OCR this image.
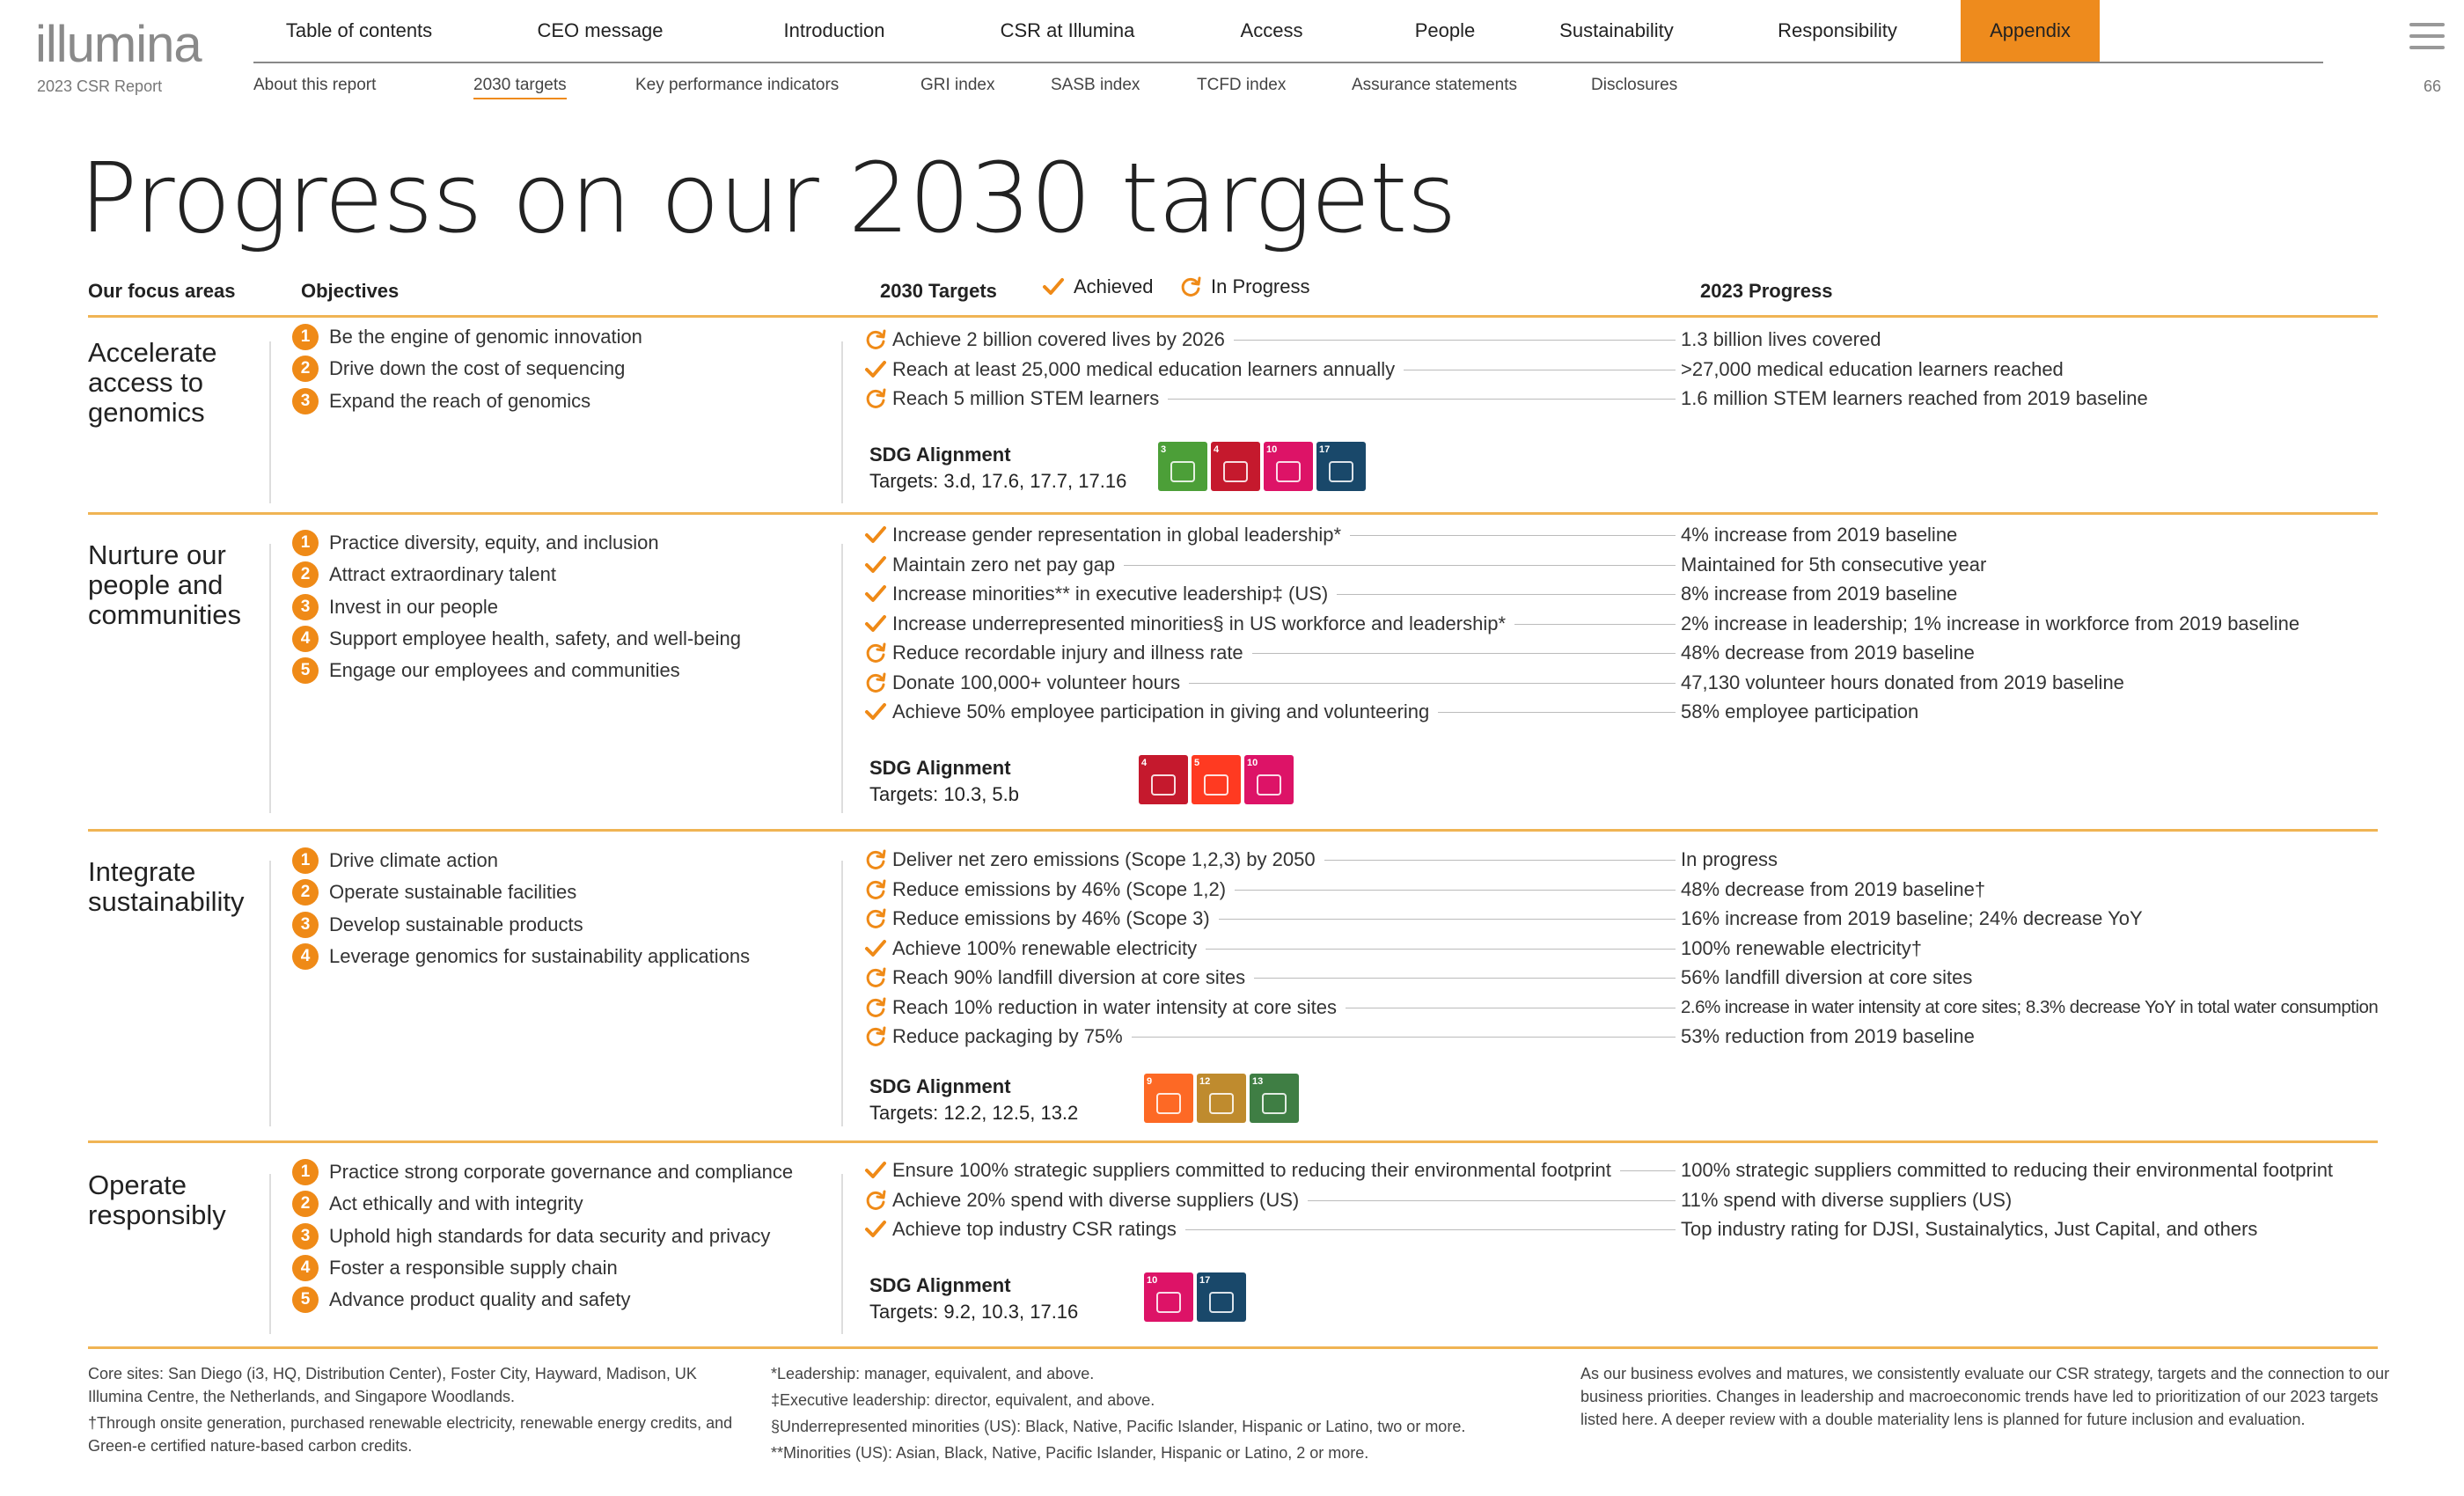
illumina
2023 CSR Report	66
Table of contents	CEO message	Introduction	CSR at Illumina	Access	People	Sustainability	Responsibility	Appendix
About this report	2030 targets	Key performance indicators	GRI index	SASB index	TCFD index	Assurance statements	Disclosures
Progress on our 2030 targets
Our focus areas	Objectives	2030 Targets	Achieved	In Progress	2023 Progress
Accelerate access to genomics
1 Be the engine of genomic innovation
2 Drive down the cost of sequencing
3 Expand the reach of genomics
Achieve 2 billion covered lives by 2026	1.3 billion lives covered
Reach at least 25,000 medical education learners annually	>27,000 medical education learners reached
Reach 5 million STEM learners	1.6 million STEM learners reached from 2019 baseline
SDG Alignment
Targets: 3.d, 17.6, 17.7, 17.16
3	4	10	17
Nurture our people and communities
1 Practice diversity, equity, and inclusion
2 Attract extraordinary talent
3 Invest in our people
4 Support employee health, safety, and well-being
5 Engage our employees and communities
Increase gender representation in global leadership*	4% increase from 2019 baseline
Maintain zero net pay gap	Maintained for 5th consecutive year
Increase minorities** in executive leadership‡ (US)	8% increase from 2019 baseline
Increase underrepresented minorities§ in US workforce and leadership*	2% increase in leadership; 1% increase in workforce from 2019 baseline
Reduce recordable injury and illness rate	48% decrease from 2019 baseline
Donate 100,000+ volunteer hours	47,130 volunteer hours donated from 2019 baseline
Achieve 50% employee participation in giving and volunteering	58% employee participation
SDG Alignment
Targets: 10.3, 5.b
4	5	10
Integrate sustainability
1 Drive climate action
2 Operate sustainable facilities
3 Develop sustainable products
4 Leverage genomics for sustainability applications
Deliver net zero emissions (Scope 1,2,3) by 2050	In progress
Reduce emissions by 46% (Scope 1,2)	48% decrease from 2019 baseline†
Reduce emissions by 46% (Scope 3)	16% increase from 2019 baseline; 24% decrease YoY
Achieve 100% renewable electricity	100% renewable electricity†
Reach 90% landfill diversion at core sites	56% landfill diversion at core sites
Reach 10% reduction in water intensity at core sites	2.6% increase in water intensity at core sites; 8.3% decrease YoY in total water consumption
Reduce packaging by 75%	53% reduction from 2019 baseline
SDG Alignment
Targets: 12.2, 12.5, 13.2
9	12	13
Operate responsibly
1 Practice strong corporate governance and compliance
2 Act ethically and with integrity
3 Uphold high standards for data security and privacy
4 Foster a responsible supply chain
5 Advance product quality and safety
Ensure 100% strategic suppliers committed to reducing their environmental footprint	100% strategic suppliers committed to reducing their environmental footprint
Achieve 20% spend with diverse suppliers (US)	11% spend with diverse suppliers (US)
Achieve top industry CSR ratings	Top industry rating for DJSI, Sustainalytics, Just Capital, and others
SDG Alignment
Targets: 9.2, 10.3, 17.16
10	17
Core sites: San Diego (i3, HQ, Distribution Center), Foster City, Hayward, Madison, UK Illumina Centre, the Netherlands, and Singapore Woodlands.
†Through onsite generation, purchased renewable electricity, renewable energy credits, and Green-e certified nature-based carbon credits.
*Leadership: manager, equivalent, and above.
‡Executive leadership: director, equivalent, and above.
§Underrepresented minorities (US): Black, Native, Pacific Islander, Hispanic or Latino, two or more.
**Minorities (US): Asian, Black, Native, Pacific Islander, Hispanic or Latino, 2 or more.
As our business evolves and matures, we consistently evaluate our CSR strategy, targets and the connection to our business priorities. Changes in leadership and macroeconomic trends have led to prioritization of our 2023 targets listed here. A deeper review with a double materiality lens is planned for future inclusion and evaluation.
